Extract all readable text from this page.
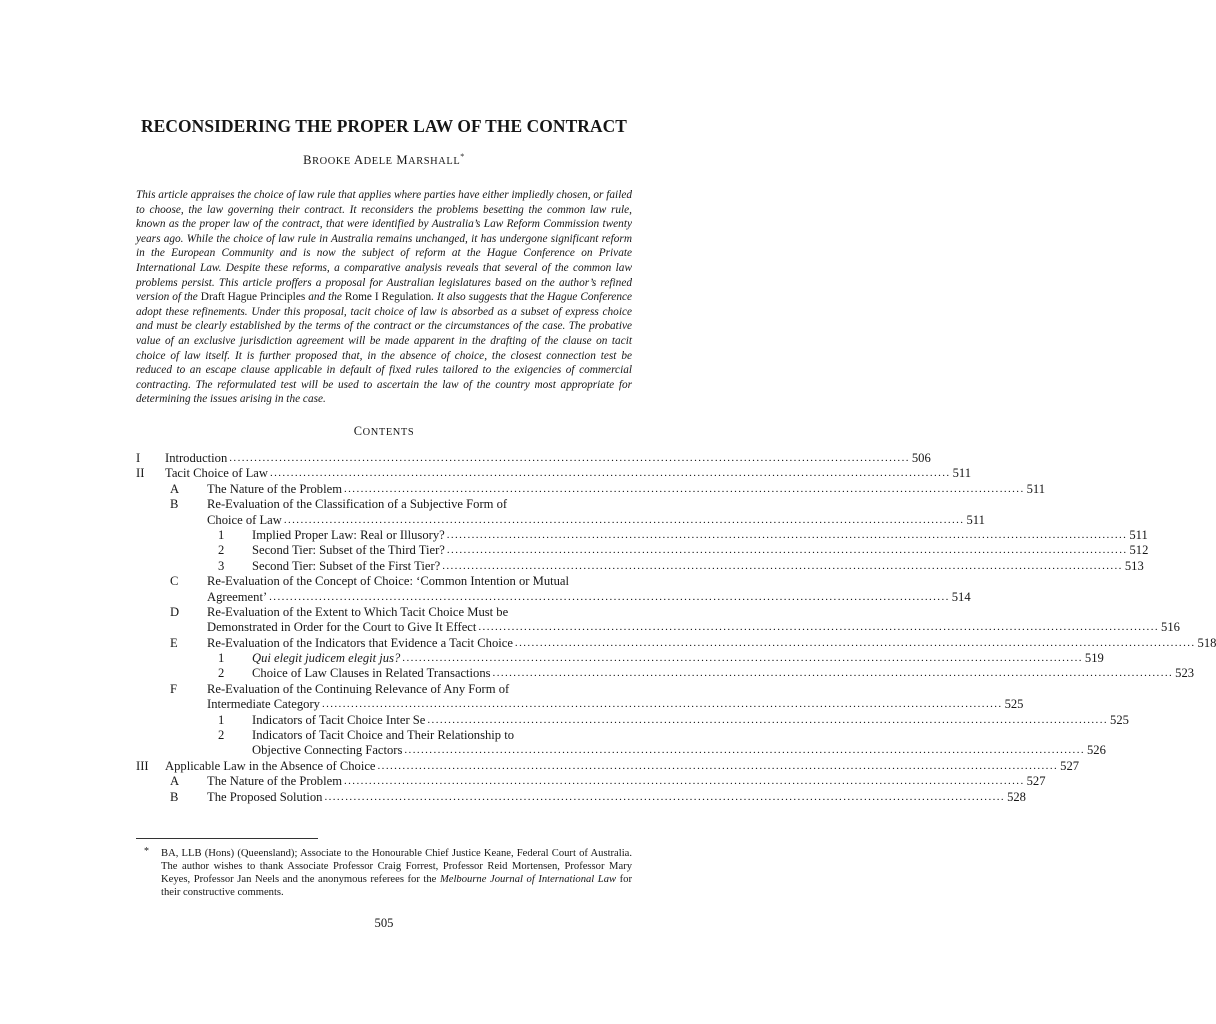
RECONSIDERING THE PROPER LAW OF THE CONTRACT
BROOKE ADELE MARSHALL*

This article appraises the choice of law rule that applies where parties have either impliedly chosen, or failed to choose, the law governing their contract. It reconsiders the problems besetting the common law rule, known as the proper law of the contract, that were identified by Australia’s Law Reform Commission twenty years ago. While the choice of law rule in Australia remains unchanged, it has undergone significant reform in the European Community and is now the subject of reform at the Hague Conference on Private International Law. Despite these reforms, a comparative analysis reveals that several of the common law problems persist. This article proffers a proposal for Australian legislatures based on the author’s refined version of the Draft Hague Principles and the Rome I Regulation. It also suggests that the Hague Conference adopt these refinements. Under this proposal, tacit choice of law is absorbed as a subset of express choice and must be clearly established by the terms of the contract or the circumstances of the case. The probative value of an exclusive jurisdiction agreement will be made apparent in the drafting of the clause on tacit choice of law itself. It is further proposed that, in the absence of choice, the closest connection test be reduced to an escape clause applicable in default of fixed rules tailored to the exigencies of commercial contracting. The reformulated test will be used to ascertain the law of the country most appropriate for determining the issues arising in the case.

CONTENTS
I	Introduction .................................................................................................................................................................... 506
II	Tacit Choice of Law .................................................................................................................................................................... 511
A	The Nature of the Problem .................................................................................................................................................................... 511
B	Re-Evaluation of the Classification of a Subjective Form of
Choice of Law .................................................................................................................................................................... 511
1	Implied Proper Law: Real or Illusory? .................................................................................................................................................................... 511
2	Second Tier: Subset of the Third Tier? .................................................................................................................................................................... 512
3	Second Tier: Subset of the First Tier? .................................................................................................................................................................... 513
C	Re-Evaluation of the Concept of Choice: ‘Common Intention or Mutual
Agreement’ .................................................................................................................................................................... 514
D	Re-Evaluation of the Extent to Which Tacit Choice Must be
Demonstrated in Order for the Court to Give It Effect .................................................................................................................................................................... 516
E	Re-Evaluation of the Indicators that Evidence a Tacit Choice .................................................................................................................................................................... 518
1	Qui elegit judicem elegit jus? .................................................................................................................................................................... 519
2	Choice of Law Clauses in Related Transactions .................................................................................................................................................................... 523
F	Re-Evaluation of the Continuing Relevance of Any Form of
Intermediate Category .................................................................................................................................................................... 525
1	Indicators of Tacit Choice Inter Se .................................................................................................................................................................... 525
2	Indicators of Tacit Choice and Their Relationship to
Objective Connecting Factors .................................................................................................................................................................... 526
III	Applicable Law in the Absence of Choice .................................................................................................................................................................... 527
A	The Nature of the Problem .................................................................................................................................................................... 527
B	The Proposed Solution .................................................................................................................................................................... 528

* BA, LLB (Hons) (Queensland); Associate to the Honourable Chief Justice Keane, Federal Court of Australia. The author wishes to thank Associate Professor Craig Forrest, Professor Reid Mortensen, Professor Mary Keyes, Professor Jan Neels and the anonymous referees for the Melbourne Journal of International Law for their constructive comments.

505
